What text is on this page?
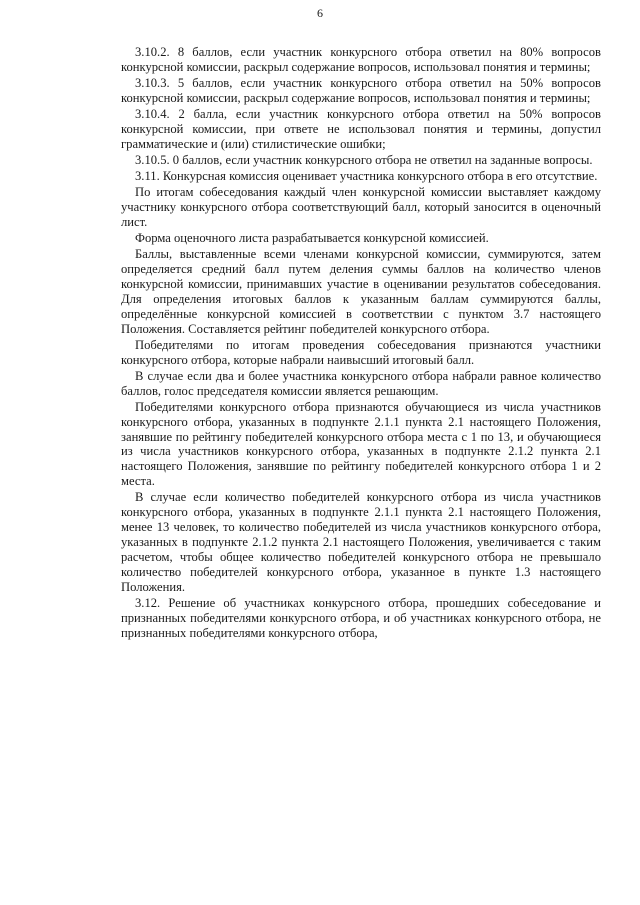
6

3.10.2. 8 баллов, если участник конкурсного отбора ответил на 80% вопросов конкурсной комиссии, раскрыл содержание вопросов, использовал понятия и термины;

3.10.3. 5 баллов, если участник конкурсного отбора ответил на 50% вопросов конкурсной комиссии, раскрыл содержание вопросов, использовал понятия и термины;

3.10.4. 2 балла, если участник конкурсного отбора ответил на 50% вопросов конкурсной комиссии, при ответе не использовал понятия и термины, допустил грамматические и (или) стилистические ошибки;

3.10.5. 0 баллов, если участник конкурсного отбора не ответил на заданные вопросы.

3.11. Конкурсная комиссия оценивает участника конкурсного отбора в его отсутствие.

По итогам собеседования каждый член конкурсной комиссии выставляет каждому участнику конкурсного отбора соответствующий балл, который заносится в оценочный лист.

Форма оценочного листа разрабатывается конкурсной комиссией.

Баллы, выставленные всеми членами конкурсной комиссии, суммируются, затем определяется средний балл путем деления суммы баллов на количество членов конкурсной комиссии, принимавших участие в оценивании результатов собеседования. Для определения итоговых баллов к указанным баллам суммируются баллы, определённые конкурсной комиссией в соответствии с пунктом 3.7 настоящего Положения. Составляется рейтинг победителей конкурсного отбора.

Победителями по итогам проведения собеседования признаются участники конкурсного отбора, которые набрали наивысший итоговый балл.

В случае если два и более участника конкурсного отбора набрали равное количество баллов, голос председателя комиссии является решающим.

Победителями конкурсного отбора признаются обучающиеся из числа участников конкурсного отбора, указанных в подпункте 2.1.1 пункта 2.1 настоящего Положения, занявшие по рейтингу победителей конкурсного отбора места с 1 по 13, и обучающиеся из числа участников конкурсного отбора, указанных в подпункте 2.1.2 пункта 2.1 настоящего Положения, занявшие по рейтингу победителей конкурсного отбора 1 и 2 места.

В случае если количество победителей конкурсного отбора из числа участников конкурсного отбора, указанных в подпункте 2.1.1 пункта 2.1 настоящего Положения, менее 13 человек, то количество победителей из числа участников конкурсного отбора, указанных в подпункте 2.1.2 пункта 2.1 настоящего Положения, увеличивается с таким расчетом, чтобы общее количество победителей конкурсного отбора не превышало количество победителей конкурсного отбора, указанное в пункте 1.3 настоящего Положения.

3.12. Решение об участниках конкурсного отбора, прошедших собеседование и признанных победителями конкурсного отбора, и об участниках конкурсного отбора, не признанных победителями конкурсного отбора,
